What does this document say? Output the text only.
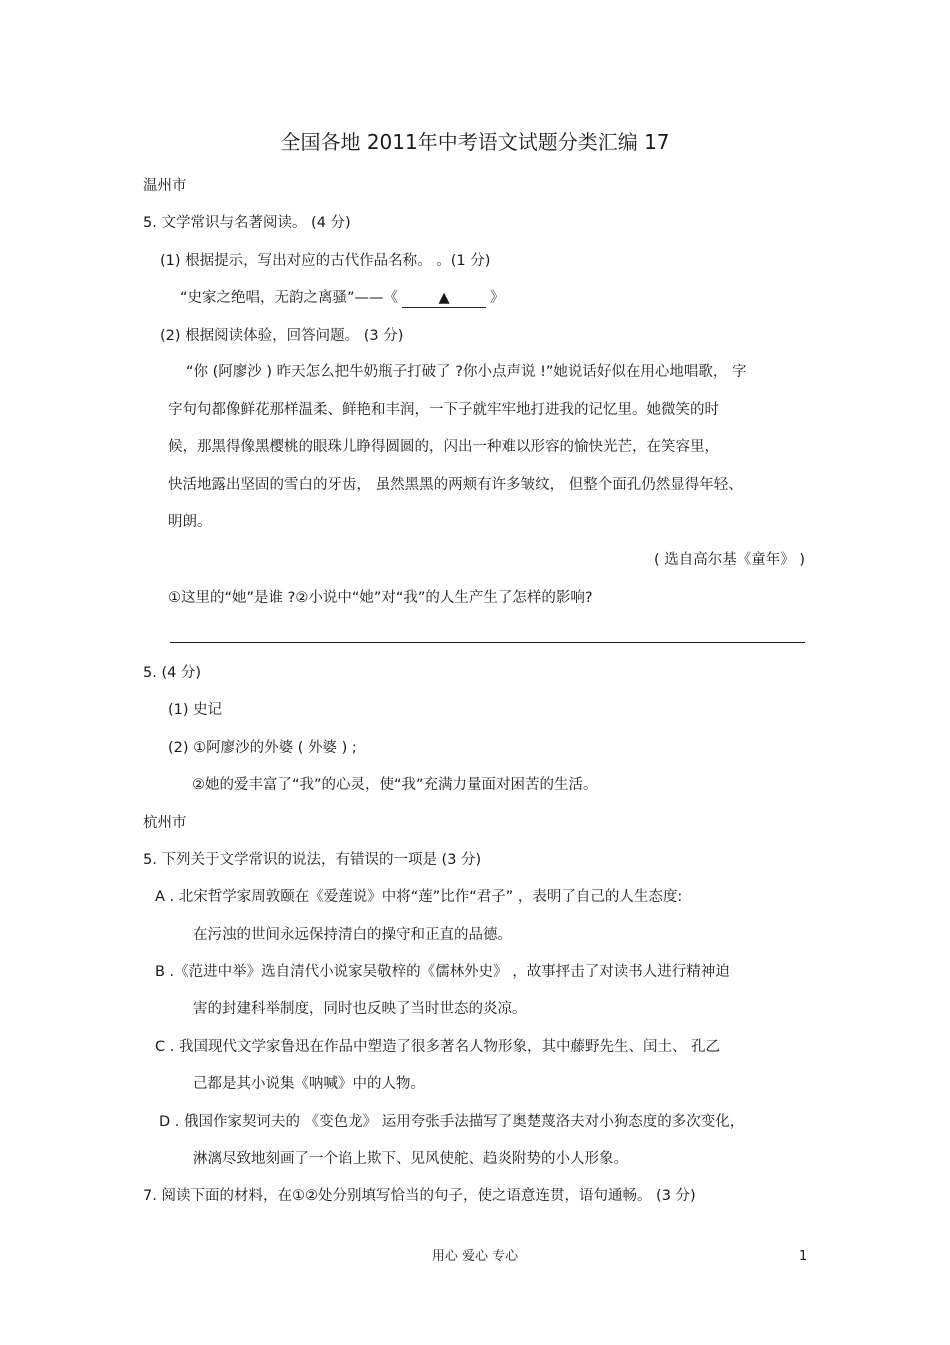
全国各地 2011年中考语文试题分类汇编 17
温州市
5. 文学常识与名著阅读。 (4 分)
(1) 根据提示，写出对应的古代作品名称。 。(1 分)
“史家之绝唱，无韵之离骚”——《	▲	》
(2) 根据阅读体验，回答问题。 (3 分)
“你 (阿廖沙 ) 昨天怎么把牛奶瓶子打破了 ?你小点声说 !”她说话好似在用心地唱歌， 字
字句句都像鲜花那样温柔、鲜艳和丰润，一下子就牢牢地打进我的记忆里。她微笑的时
候，那黑得像黑樱桃的眼珠儿睁得圆圆的，闪出一种难以形容的愉快光芒，在笑容里，
快活地露出坚固的雪白的牙齿， 虽然黑黑的两颊有许多皱纹， 但整个面孔仍然显得年轻、
明朗。
( 选自高尔基《童年》 )
①这里的“她”是谁 ?②小说中“她”对“我”的人生产生了怎样的影响?
5. (4 分)
(1) 史记
(2) ①阿廖沙的外婆 ( 外婆 ) ;
②她的爱丰富了“我”的心灵，使“我”充满力量面对困苦的生活。
杭州市
5. 下列关于文学常识的说法，有错误的一项是 (3 分)
A . 北宋哲学家周敦颐在《爱莲说》中将“莲”比作“君子” ，表明了自己的人生态度:
在污浊的世间永远保持清白的操守和正直的品德。
B .《范进中举》选自清代小说家吴敬梓的《儒林外史》 ，故事抨击了对读书人进行精神迫
害的封建科举制度，同时也反映了当时世态的炎凉。
C . 我国现代文学家鲁迅在作品中塑造了很多著名人物形象，其中藤野先生、闰土、 孔乙
己都是其小说集《呐喊》中的人物。
D . 俄国作家契诃夫的 《变色龙》 运用夸张手法描写了奥楚蔑洛夫对小狗态度的多次变化，
淋漓尽致地刻画了一个谄上欺下、见风使舵、趋炎附势的小人形象。
7. 阅读下面的材料，在①②处分别填写恰当的句子，使之语意连贯，语句通畅。 (3 分)
用心 爱心 专心	1
